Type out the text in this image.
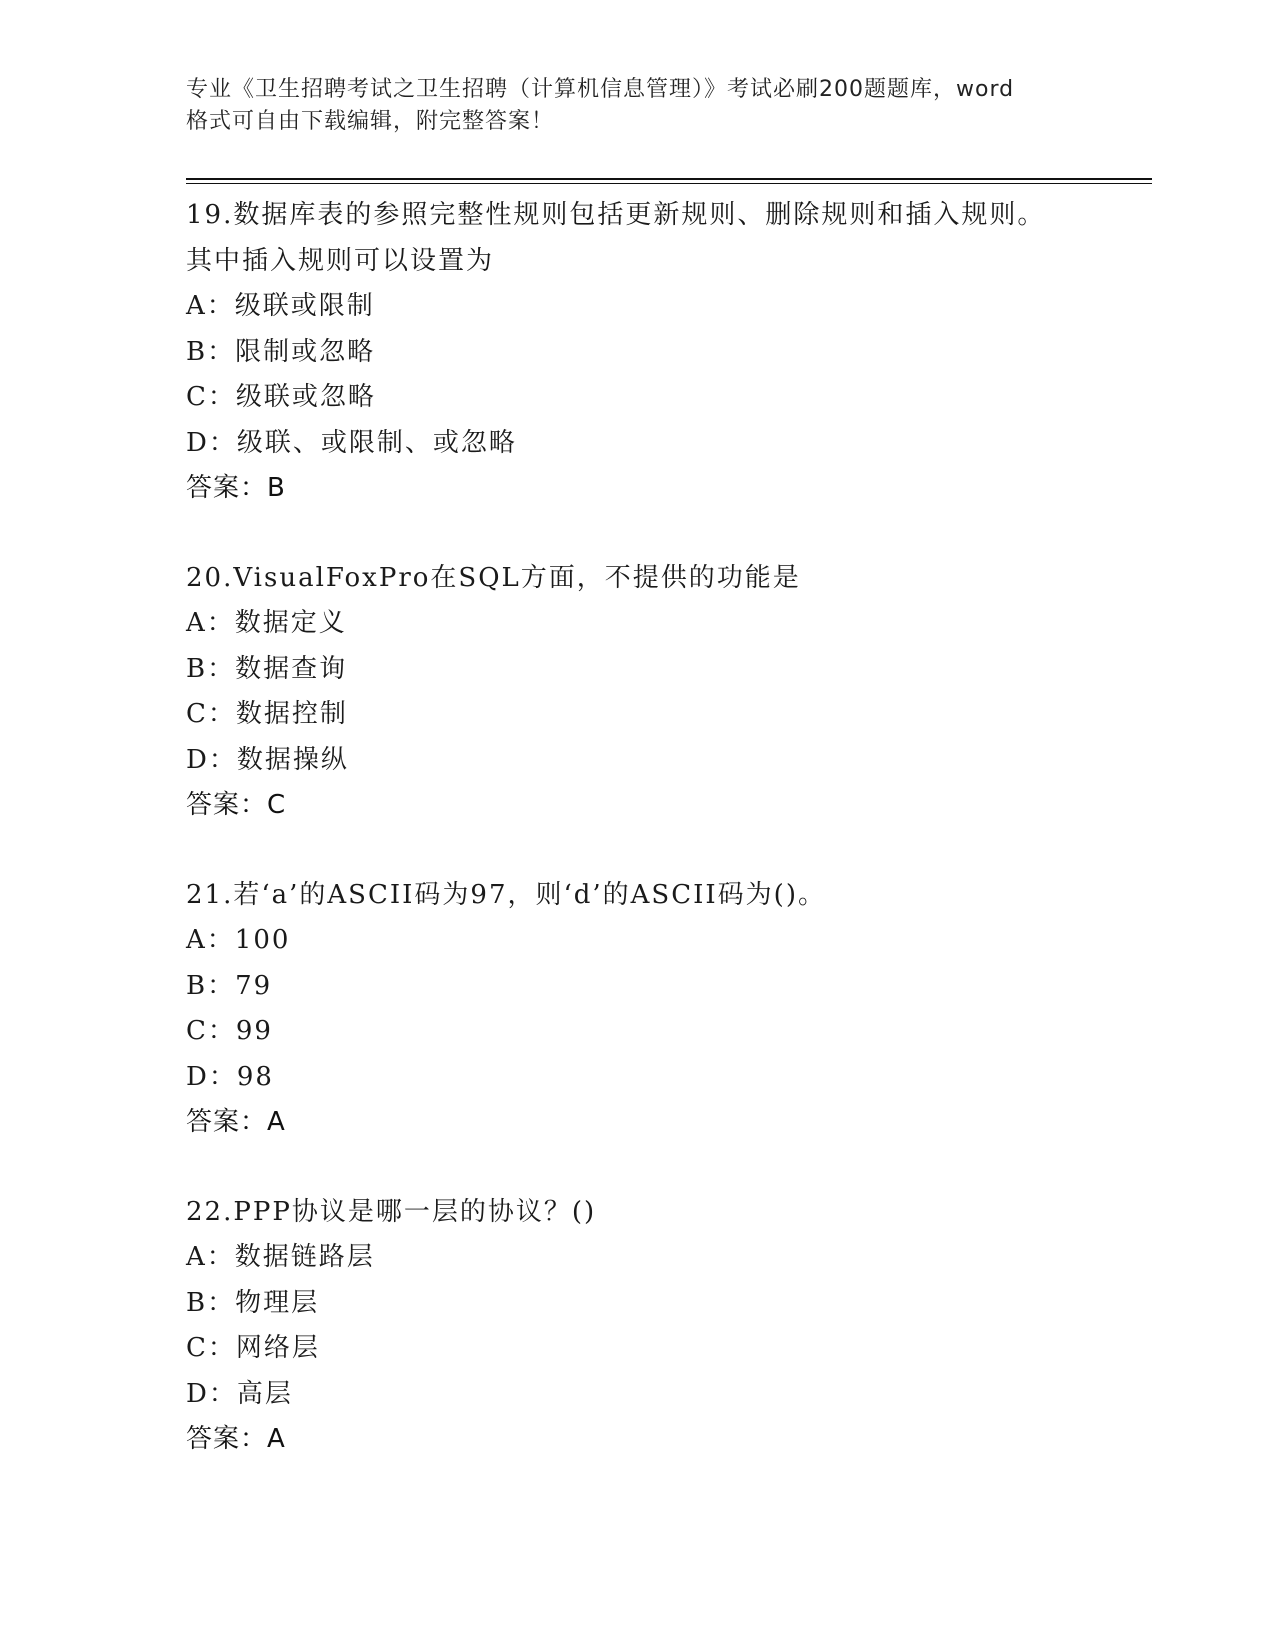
专业《卫生招聘考试之卫生招聘（计算机信息管理）》考试必刷200题题库，word
格式可自由下载编辑，附完整答案！
19.数据库表的参照完整性规则包括更新规则、删除规则和插入规则。
其中插入规则可以设置为
A：级联或限制
B：限制或忽略
C：级联或忽略
D：级联、或限制、或忽略
答案：B
20.VisualFoxPro在SQL方面，不提供的功能是
A：数据定义
B：数据查询
C：数据控制
D：数据操纵
答案：C
21.若‘a’的ASCII码为97，则‘d’的ASCII码为()。
A：100
B：79
C：99
D：98
答案：A
22.PPP协议是哪一层的协议？()
A：数据链路层
B：物理层
C：网络层
D：高层
答案：A
